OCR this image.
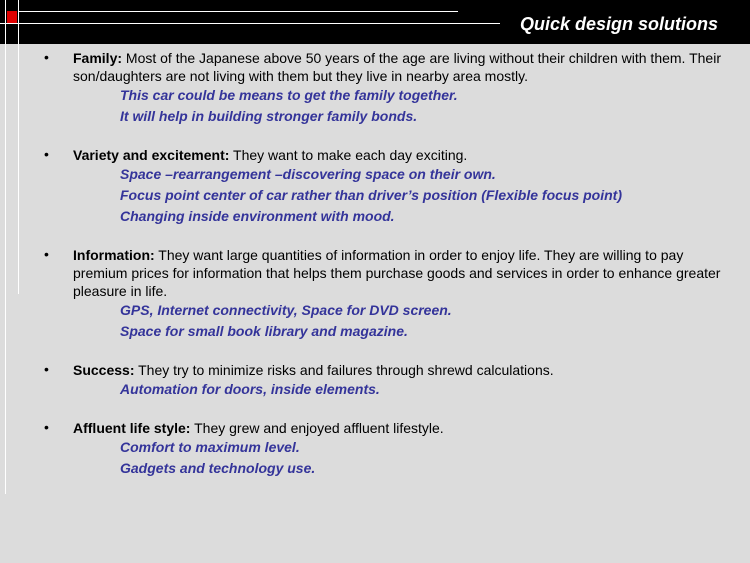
Quick design solutions
• Family: Most of the Japanese above 50 years of the age are living without their children with them. Their son/daughters are not living with them but they live in nearby area mostly.
This car could be means to get the family together.
It will help in building stronger family bonds.
• Variety and excitement: They want to make each day exciting.
Space –rearrangement –discovering space on their own.
Focus point center of car rather than driver’s position (Flexible focus point)
Changing inside environment with mood.
• Information: They want large quantities of information in order to enjoy life. They are willing to pay premium prices for information that helps them purchase goods and services in order to enhance greater pleasure in life.
GPS, Internet connectivity, Space for DVD screen.
Space for small book library and magazine.
• Success: They try to minimize risks and failures through shrewd calculations.
Automation for doors, inside elements.
• Affluent life style: They grew and enjoyed affluent lifestyle.
Comfort to maximum level.
Gadgets and technology use.
